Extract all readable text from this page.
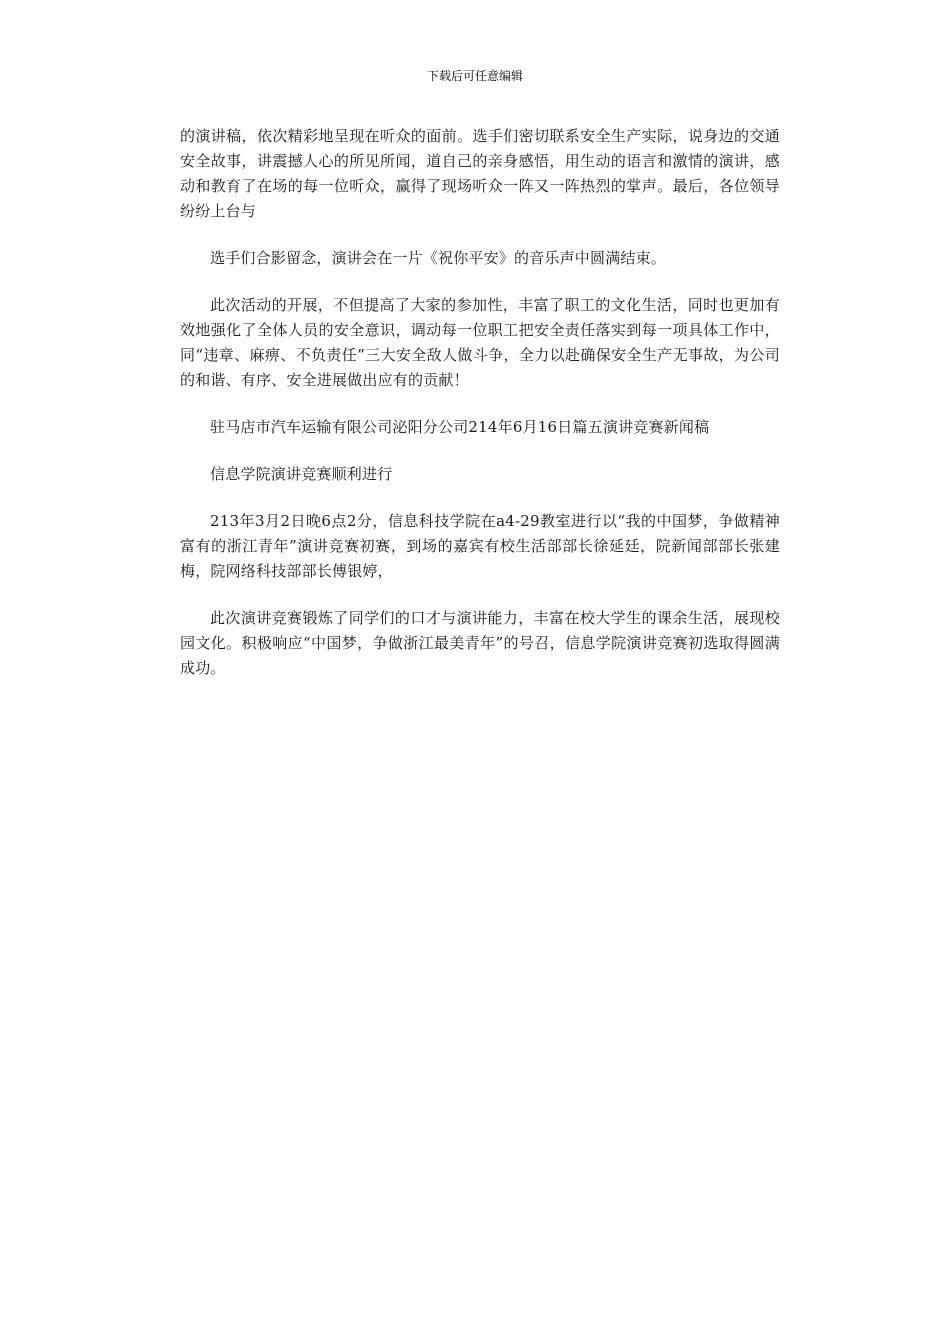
下载后可任意编辑

的演讲稿，依次精彩地呈现在听众的面前。选手们密切联系安全生产实际，说身边的交通安全故事，讲震撼人心的所见所闻，道自己的亲身感悟，用生动的语言和激情的演讲，感动和教育了在场的每一位听众，赢得了现场听众一阵又一阵热烈的掌声。最后，各位领导纷纷上台与

选手们合影留念，演讲会在一片《祝你平安》的音乐声中圆满结束。

此次活动的开展，不但提高了大家的参加性，丰富了职工的文化生活，同时也更加有效地强化了全体人员的安全意识，调动每一位职工把安全责任落实到每一项具体工作中，同“违章、麻痹、不负责任”三大安全敌人做斗争，全力以赴确保安全生产无事故，为公司的和谐、有序、安全进展做出应有的贡献！

驻马店市汽车运输有限公司泌阳分公司214年6月16日篇五演讲竞赛新闻稿

信息学院演讲竞赛顺利进行

213年3月2日晚6点2分，信息科技学院在a4-29教室进行以“我的中国梦，争做精神富有的浙江青年”演讲竞赛初赛，到场的嘉宾有校生活部部长徐延廷，院新闻部部长张建梅，院网络科技部部长傅银婷，

此次演讲竞赛锻炼了同学们的口才与演讲能力，丰富在校大学生的课余生活，展现校园文化。积极响应“中国梦，争做浙江最美青年”的号召，信息学院演讲竞赛初选取得圆满成功。
